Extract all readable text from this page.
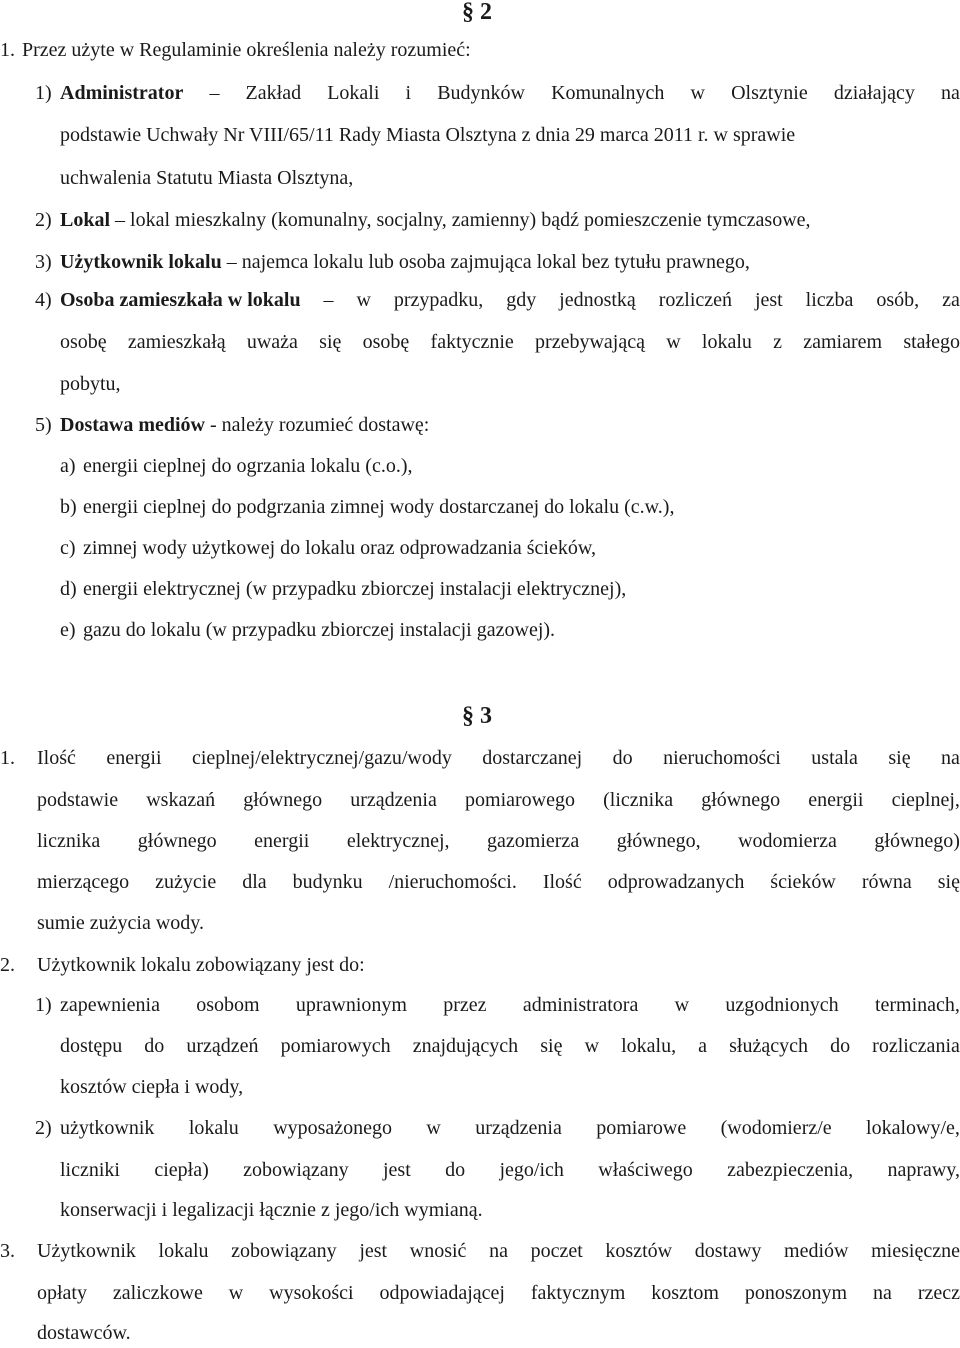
§ 2
1. Przez użyte w Regulaminie określenia należy rozumieć:
1) Administrator – Zakład Lokali i Budynków Komunalnych w Olsztynie działający na
podstawie Uchwały Nr VIII/65/11 Rady Miasta Olsztyna z dnia 29 marca 2011 r. w sprawie
uchwalenia Statutu Miasta Olsztyna,
2) Lokal – lokal mieszkalny (komunalny, socjalny, zamienny) bądź pomieszczenie tymczasowe,
3) Użytkownik lokalu – najemca lokalu lub osoba zajmująca lokal bez tytułu prawnego,
4) Osoba zamieszkała w lokalu – w przypadku, gdy jednostką rozliczeń jest liczba osób, za
osobę zamieszkałą uważa się osobę faktycznie przebywającą w lokalu z zamiarem stałego
pobytu,
5) Dostawa mediów - należy rozumieć dostawę:
a) energii cieplnej do ogrzania lokalu (c.o.),
b) energii cieplnej do podgrzania zimnej wody dostarczanej do lokalu (c.w.),
c) zimnej wody użytkowej do lokalu oraz odprowadzania ścieków,
d) energii elektrycznej (w przypadku zbiorczej instalacji elektrycznej),
e) gazu do lokalu (w przypadku zbiorczej instalacji gazowej).
§ 3
1. Ilość energii cieplnej/elektrycznej/gazu/wody dostarczanej do nieruchomości ustala się na
podstawie wskazań głównego urządzenia pomiarowego (licznika głównego energii cieplnej,
licznika głównego energii elektrycznej, gazomierza głównego, wodomierza głównego)
mierzącego zużycie dla budynku /nieruchomości. Ilość odprowadzanych ścieków równa się
sumie zużycia wody.
2. Użytkownik lokalu zobowiązany jest do:
1) zapewnienia osobom uprawnionym przez administratora w uzgodnionych terminach,
dostępu do urządzeń pomiarowych znajdujących się w lokalu, a służących do rozliczania
kosztów ciepła i wody,
2) użytkownik lokalu wyposażonego w urządzenia pomiarowe (wodomierz/e lokalowy/e,
liczniki ciepła) zobowiązany jest do jego/ich właściwego zabezpieczenia, naprawy,
konserwacji i legalizacji łącznie z jego/ich wymianą.
3. Użytkownik lokalu zobowiązany jest wnosić na poczet kosztów dostawy mediów miesięczne
opłaty zaliczkowe w wysokości odpowiadającej faktycznym kosztom ponoszonym na rzecz
dostawców.
